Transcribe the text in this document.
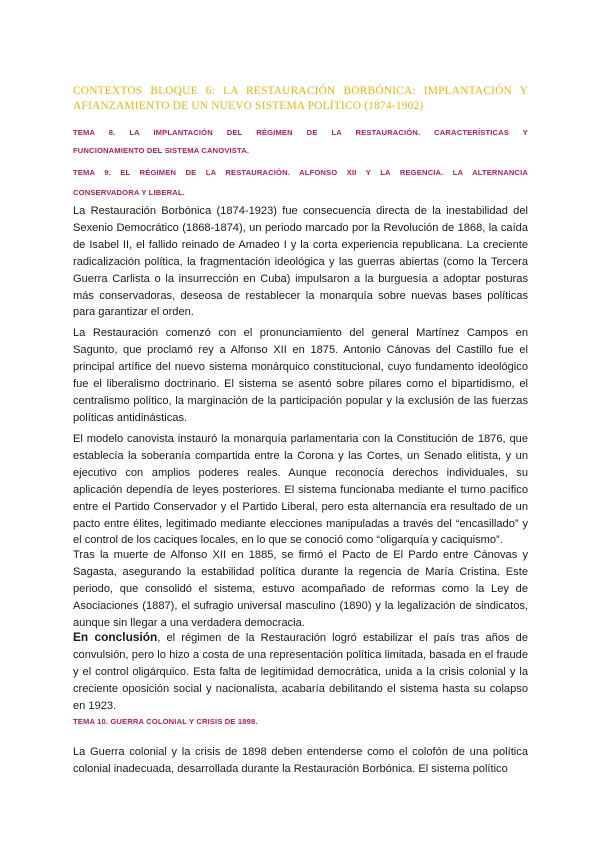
CONTEXTOS BLOQUE 6: LA RESTAURACIÓN BORBÓNICA: IMPLANTACIÓN Y
AFIANZAMIENTO DE UN NUEVO SISTEMA POLÍTICO (1874-1902)
TEMA 8. LA IMPLANTACIÓN DEL RÉGIMEN DE LA RESTAURACIÓN. CARACTERÍSTICAS Y
FUNCIONAMIENTO DEL SISTEMA CANOVISTA.
TEMA 9. EL RÉGIMEN DE LA RESTAURACIÓN. ALFONSO XII Y LA REGENCIA. LA ALTERNANCIA
CONSERVADORA Y LIBERAL.

La Restauración Borbónica (1874-1923) fue consecuencia directa de la inestabilidad del Sexenio Democrático (1868-1874), un periodo marcado por la Revolución de 1868, la caída de Isabel II, el fallido reinado de Amadeo I y la corta experiencia republicana. La creciente radicalización política, la fragmentación ideológica y las guerras abiertas (como la Tercera Guerra Carlista o la insurrección en Cuba) impulsaron a la burguesía a adoptar posturas más conservadoras, deseosa de restablecer la monarquía sobre nuevas bases políticas para garantizar el orden.

La Restauración comenzó con el pronunciamiento del general Martínez Campos en Sagunto, que proclamó rey a Alfonso XII en 1875. Antonio Cánovas del Castillo fue el principal artífice del nuevo sistema monárquico constitucional, cuyo fundamento ideológico fue el liberalismo doctrinario. El sistema se asentó sobre pilares como el bipartidismo, el centralismo político, la marginación de la participación popular y la exclusión de las fuerzas políticas antidinásticas.

El modelo canovista instauró la monarquía parlamentaria con la Constitución de 1876, que establecía la soberanía compartida entre la Corona y las Cortes, un Senado elitista, y un ejecutivo con amplios poderes reales. Aunque reconocía derechos individuales, su aplicación dependía de leyes posteriores. El sistema funcionaba mediante el turno pacífico entre el Partido Conservador y el Partido Liberal, pero esta alternancia era resultado de un pacto entre élites, legitimado mediante elecciones manipuladas a través del “encasillado” y el control de los caciques locales, en lo que se conoció como “oligarquía y caciquismo”.

Tras la muerte de Alfonso XII en 1885, se firmó el Pacto de El Pardo entre Cánovas y Sagasta, asegurando la estabilidad política durante la regencia de María Cristina. Este periodo, que consolidó el sistema, estuvo acompañado de reformas como la Ley de Asociaciones (1887), el sufragio universal masculino (1890) y la legalización de sindicatos, aunque sin llegar a una verdadera democracia.

En conclusión, el régimen de la Restauración logró estabilizar el país tras años de convulsión, pero lo hizo a costa de una representación política limitada, basada en el fraude y el control oligárquico. Esta falta de legitimidad democrática, unida a la crisis colonial y la creciente oposición social y nacionalista, acabaría debilitando el sistema hasta su colapso en 1923.

TEMA 10. GUERRA COLONIAL Y CRISIS DE 1898.

La Guerra colonial y la crisis de 1898 deben entenderse como el colofón de una política colonial inadecuada, desarrollada durante la Restauración Borbónica. El sistema político
